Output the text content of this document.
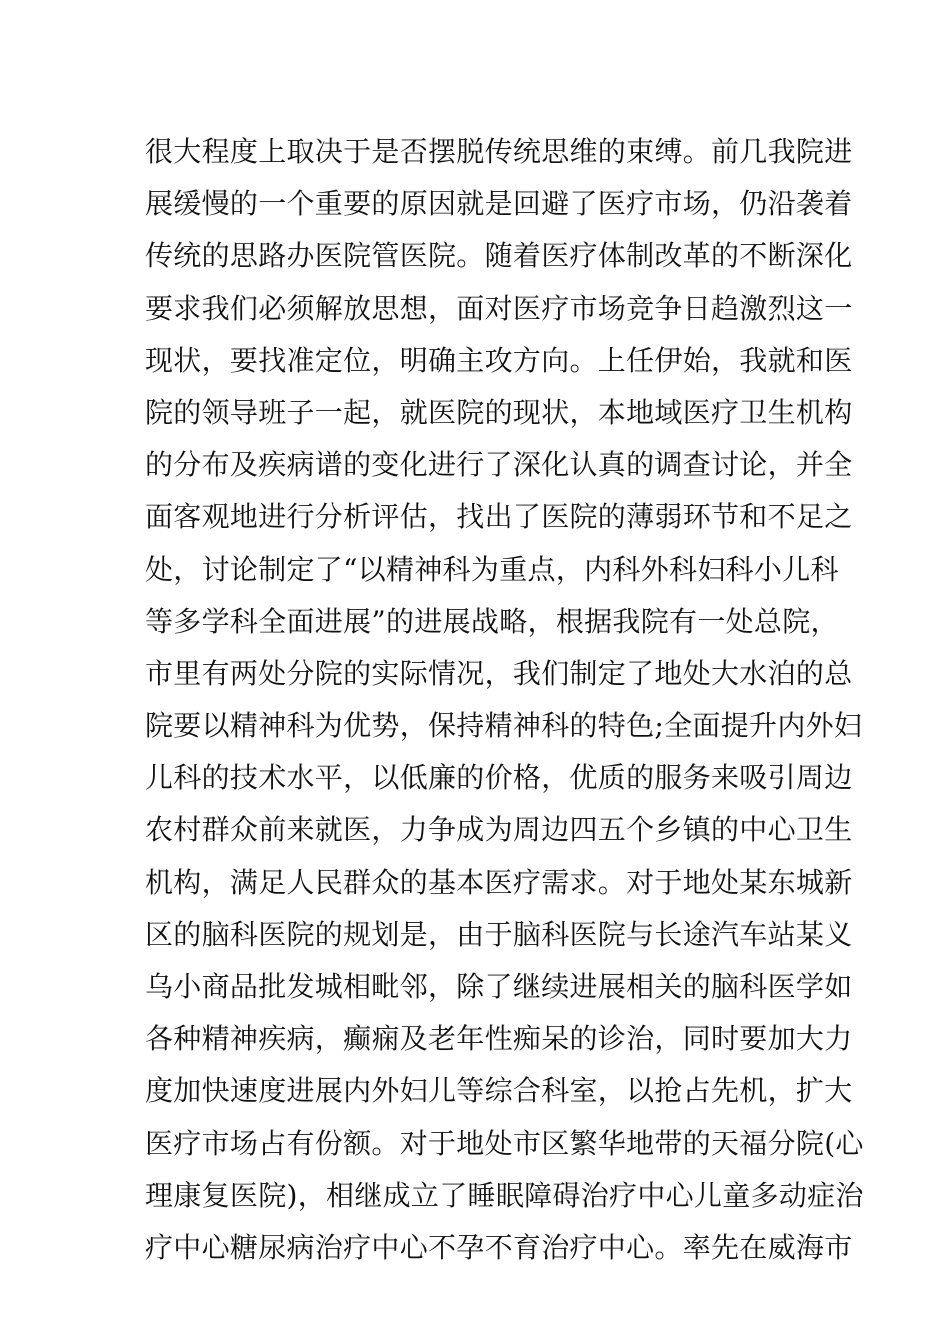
很大程度上取决于是否摆脱传统思维的束缚。前几我院进
展缓慢的一个重要的原因就是回避了医疗市场，仍沿袭着
传统的思路办医院管医院。随着医疗体制改革的不断深化
要求我们必须解放思想，面对医疗市场竞争日趋激烈这一
现状，要找准定位，明确主攻方向。上任伊始，我就和医
院的领导班子一起，就医院的现状，本地域医疗卫生机构
的分布及疾病谱的变化进行了深化认真的调查讨论，并全
面客观地进行分析评估，找出了医院的薄弱环节和不足之
处，讨论制定了“以精神科为重点，内科外科妇科小儿科
等多学科全面进展”的进展战略，根据我院有一处总院，
市里有两处分院的实际情况，我们制定了地处大水泊的总
院要以精神科为优势，保持精神科的特色;全面提升内外妇
儿科的技术水平，以低廉的价格，优质的服务来吸引周边
农村群众前来就医，力争成为周边四五个乡镇的中心卫生
机构，满足人民群众的基本医疗需求。对于地处某东城新
区的脑科医院的规划是，由于脑科医院与长途汽车站某义
乌小商品批发城相毗邻，除了继续进展相关的脑科医学如
各种精神疾病，癫痫及老年性痴呆的诊治，同时要加大力
度加快速度进展内外妇儿等综合科室，以抢占先机，扩大
医疗市场占有份额。对于地处市区繁华地带的天福分院(心
理康复医院)，相继成立了睡眠障碍治疗中心儿童多动症治
疗中心糖尿病治疗中心不孕不育治疗中心。率先在威海市
